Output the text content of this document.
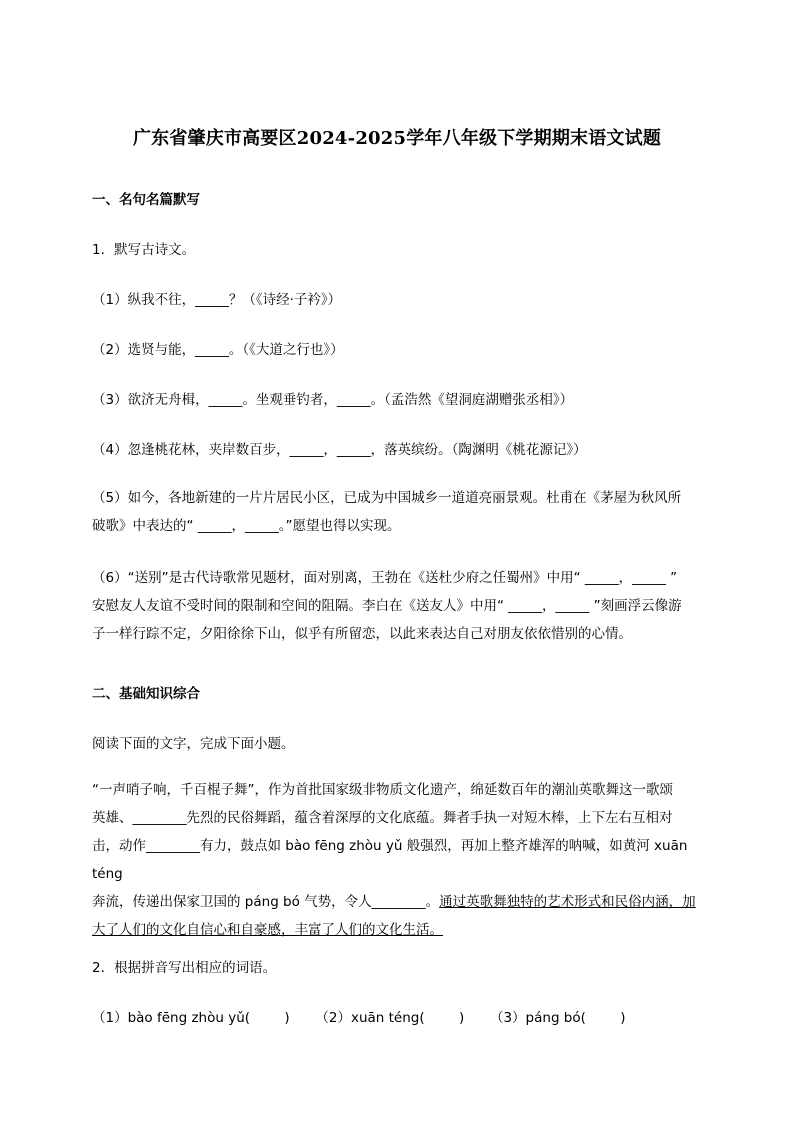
广东省肇庆市高要区2024-2025学年八年级下学期期末语文试题
一、名句名篇默写
1．默写古诗文。
（1）纵我不往，_____？（《诗经·子衿》）
（2）选贤与能，_____。（《大道之行也》）
（3）欲济无舟楫，_____。坐观垂钓者，_____。（孟浩然《望洞庭湖赠张丞相》）
（4）忽逢桃花林，夹岸数百步，_____，_____，落英缤纷。（陶渊明《桃花源记》）

（5）如今，各地新建的一片片居民小区，已成为中国城乡一道道亮丽景观。杜甫在《茅屋为秋风所

破歌》中表达的“ _____，_____。”愿望也得以实现。

（6）“送别”是古代诗歌常见题材，面对别离，王勃在《送杜少府之任蜀州》中用“ _____，_____ ”

安慰友人友谊不受时间的限制和空间的阻隔。李白在《送友人》中用“ _____，_____ ”刻画浮云像游

子一样行踪不定，夕阳徐徐下山，似乎有所留恋，以此来表达自己对朋友依依惜别的心情。

二、基础知识综合
阅读下面的文字，完成下面小题。

“一声哨子响，千百棍子舞”，作为首批国家级非物质文化遗产，绵延数百年的潮汕英歌舞这一歌颂

英雄、________先烈的民俗舞蹈，蕴含着深厚的文化底蕴。舞者手执一对短木棒，上下左右互相对

击，动作________有力，鼓点如 bào fēng zhòu yǔ 般强烈，再加上整齐雄浑的呐喊，如黄河 xuān téng

奔流，传递出保家卫国的 páng bó 气势，令人________。通过英歌舞独特的艺术形式和民俗内涵，加

大了人们的文化自信心和自豪感，丰富了人们的文化生活。

2．根据拼音写出相应的词语。
（1）bào fēng zhòu yǔ(        )      （2）xuān téng(        )      （3）páng bó(        )
